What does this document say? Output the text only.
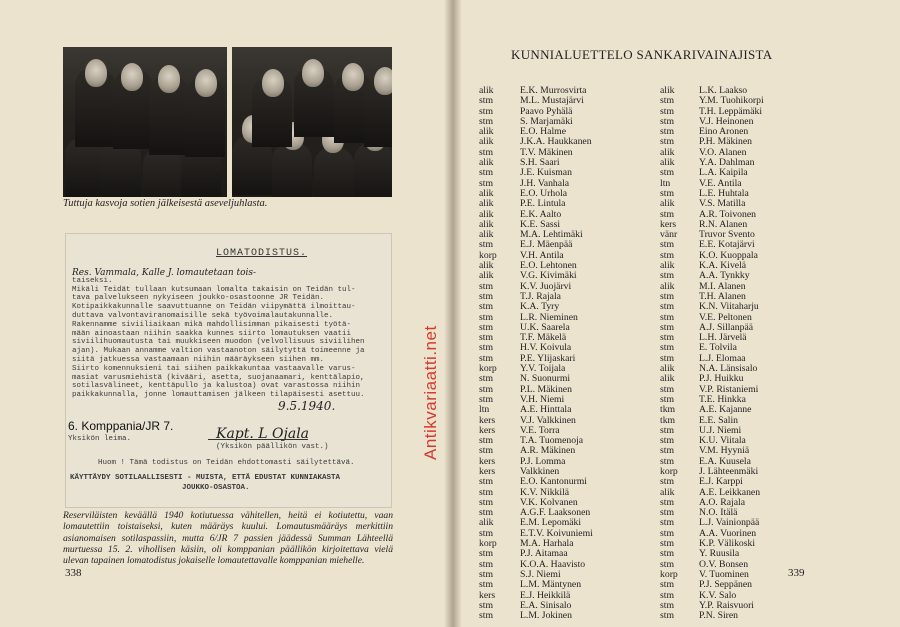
Tuttuja kasvoja sotien jälkeisestä aseveljuhlasta.
LOMATODISTUS.
Res. Vammala, Kalle J. lomautetaan tois-
taiseksi.
Mikäli Teidät tullaan kutsumaan lomalta takaisin on Teidän tul-
tava palvelukseen nykyiseen joukko-osastoonne JR Teidän.
Kotipaikkakunnalle saavuttuanne on Teidän viipymättä ilmoittau-
duttava valvontaviranomaisille sekä työvoimalautakunnalle.
Rakennamme siviiliaikaan mikä mahdollisimman pikaisesti työtä-
mään ainoastaan niihin saakka kunnes siirto lomautuksen vaatii
siviilihuomautusta tai muukkiseen muodon (velvollisuus siviilihen
ajan). Mukaan annamme valtion vastaanoton säilytyttä toimeenne ja
siitä jatkuessa vastaamaan niihin määräykseen siihen mm.
Siirto komennuksieni tai siihen paikkakuntaa vastaavalle varus-
masiat varusmiehistä (kivääri, asetta, suojanaamari, kenttälapio,
sotilasvälineet, kenttäpullo ja kalustoa) ovat varastossa niihin
paikkakunnalla, jonne lomauttamisen jälkeen tilapäisesti asettuu.
9.5.1940.
6. Komppania/JR 7.
Yksikön leima.	Kapt. L Ojala
(Yksikön päällikön vast.)
Huom ! Tämä todistus on Teidän ehdottomasti säilytettävä.
KÄYTTÄYDY SOTILAALLISESTI - MUISTA, ETTÄ EDUSTAT KUNNIAKASTA
JOUKKO-OSASTOA.
Reserviläisten keväällä 1940 kotiutuessa vähitellen, heitä ei kotiutettu, vaan lomautettiin toistaiseksi, kuten määräys kuului. Lomautusmääräys merkittiin asianomaisen sotilaspassiin, mutta 6/JR 7 passien jäädessä Summan Lähteellä murtuessa 15. 2. vihollisen käsiin, oli komppanian päällikön kirjoitettava vielä ulevan tapainen lomatodistus jokaiselle lomautettavalle komppanian miehelle.
338
Antikvariaatti.net
KUNNIALUETTELO SANKARIVAINAJISTA
alik
stm
stm
stm
alik
alik
stm
alik
stm
stm
alik
alik
alik
alik
alik
stm
korp
alik
alik
stm
stm
stm
stm
stm
stm
stm
stm
korp
stm
stm
stm
ltn
kers
kers
stm
stm
kers
kers
stm
stm
stm
stm
alik
stm
korp
stm
stm
stm
stm
kers
stm
stm
E.K. Murrosvirta
M.L. Mustajärvi
Paavo Pyhälä
S. Marjamäki
E.O. Halme
J.K.A. Haukkanen
T.V. Mäkinen
S.H. Saari
J.E. Kuisman
J.H. Vanhala
E.O. Urhola
P.E. Lintula
E.K. Aalto
K.E. Sassi
M.A. Lehtimäki
E.J. Mäenpää
V.H. Antila
E.O. Lehtonen
V.G. Kivimäki
K.V. Juojärvi
T.J. Rajala
K.A. Tyry
L.R. Nieminen
U.K. Saarela
T.F. Mäkelä
H.V. Koivula
P.E. Ylijaskari
Y.V. Toijala
N. Suonurmi
P.L. Mäkinen
V.H. Niemi
A.E. Hinttala
V.J. Valkkinen
V.E. Torra
T.A. Tuomenoja
A.R. Mäkinen
P.J. Lomma
Valkkinen
E.O. Kantonurmi
K.V. Nikkilä
V.K. Kolvanen
A.G.F. Laaksonen
E.M. Lepomäki
E.T.V. Koivuniemi
M.A. Harhala
P.J. Aitamaa
K.O.A. Haavisto
S.J. Niemi
L.M. Mäntynen
E.J. Heikkilä
E.A. Sinisalo
L.M. Jokinen
alik
stm
stm
stm
stm
stm
alik
alik
stm
ltn
stm
alik
stm
kers
vänr
stm
stm
alik
stm
alik
stm
stm
stm
stm
stm
stm
stm
alik
alik
stm
stm
tkm
tkm
stm
stm
stm
stm
korp
stm
alik
stm
stm
stm
stm
stm
stm
stm
korp
stm
stm
stm
stm
L.K. Laakso
Y.M. Tuohikorpi
T.H. Leppämäki
V.J. Heinonen
Eino Aronen
P.H. Mäkinen
V.O. Alanen
Y.A. Dahlman
L.A. Kaipila
V.E. Antila
L.E. Huhtala
V.S. Matilla
A.R. Toivonen
R.N. Alanen
Truvor Svento
E.E. Kotajärvi
K.O. Kuoppala
K.A. Kivelä
A.A. Tynkky
M.I. Alanen
T.H. Alanen
K.N. Viitaharju
V.E. Peltonen
A.J. Sillanpää
L.H. Järvelä
E. Tolvila
L.J. Elomaa
N.A. Länsisalo
P.J. Huikku
V.P. Ristaniemi
T.E. Hinkka
A.E. Kajanne
E.E. Salin
U.J. Niemi
K.U. Viitala
V.M. Hyyniä
E.A. Kuusela
J. Lähteenmäki
E.J. Karppi
A.E. Leikkanen
A.O. Rajala
N.O. Itälä
L.J. Vainionpää
A.A. Vuorinen
K.P. Välikoski
Y. Ruusila
O.V. Bonsen
V. Tuominen
P.J. Seppänen
K.V. Salo
Y.P. Raisvuori
P.N. Siren
339
